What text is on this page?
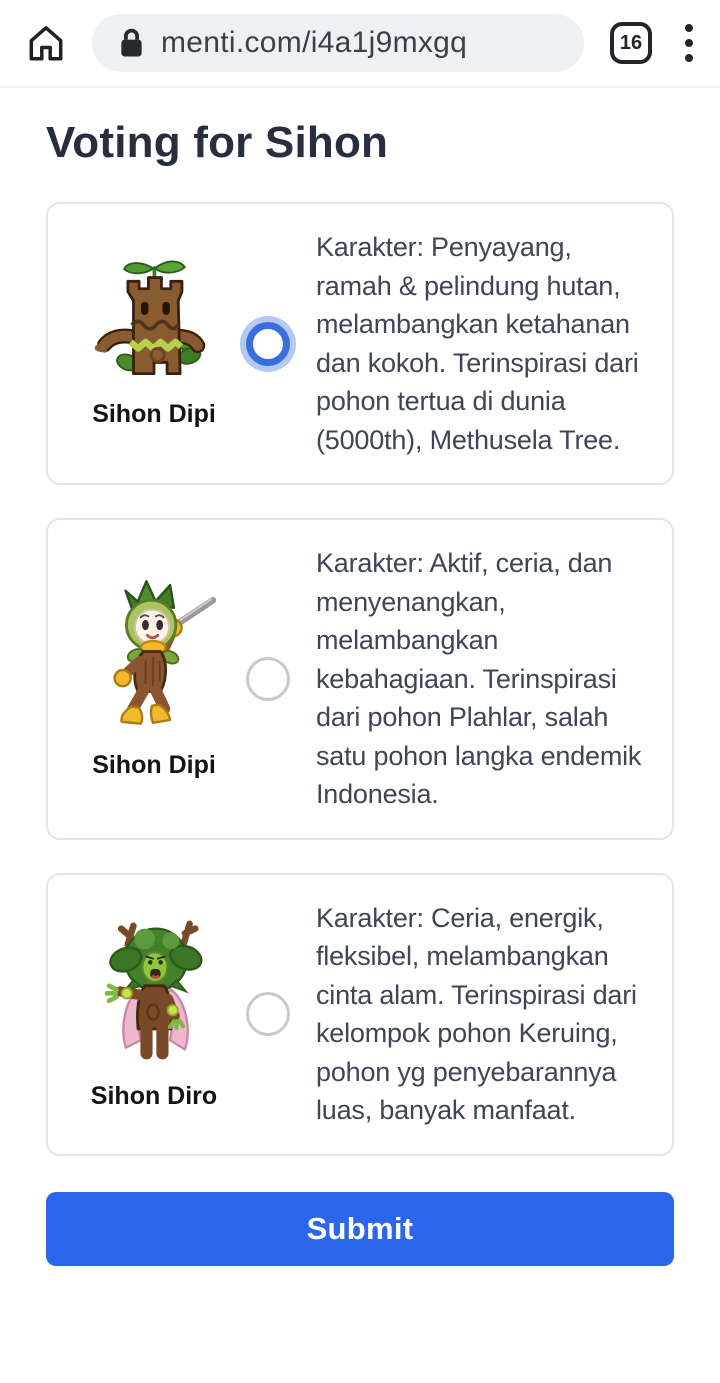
menti.com/i4a1j9mxgq	16
Voting for Sihon
Sihon Dipi

Karakter: Penyayang, ramah & pelindung hutan, melambangkan ketahanan dan kokoh. Terinspirasi dari pohon tertua di dunia (5000th), Methusela Tree.

Sihon Dipi

Karakter: Aktif, ceria, dan menyenangkan, melambangkan kebahagiaan. Terinspirasi dari pohon Plahlar, salah satu pohon langka endemik Indonesia.

Sihon Diro

Karakter: Ceria, energik, fleksibel, melambangkan cinta alam. Terinspirasi dari kelompok pohon Keruing, pohon yg penyebarannya luas, banyak manfaat.

Submit
